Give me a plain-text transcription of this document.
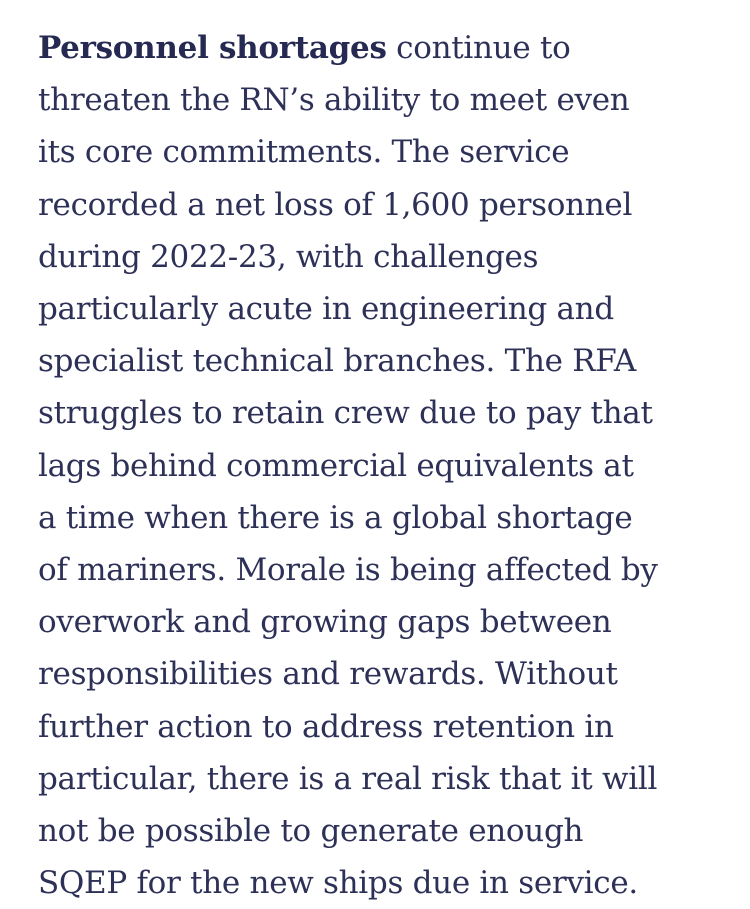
Personnel shortages continue to
threaten the RN’s ability to meet even
its core commitments. The service
recorded a net loss of 1,600 personnel
during 2022-23, with challenges
particularly acute in engineering and
specialist technical branches. The RFA
struggles to retain crew due to pay that
lags behind commercial equivalents at
a time when there is a global shortage
of mariners. Morale is being affected by
overwork and growing gaps between
responsibilities and rewards. Without
further action to address retention in
particular, there is a real risk that it will
not be possible to generate enough
SQEP for the new ships due in service.
